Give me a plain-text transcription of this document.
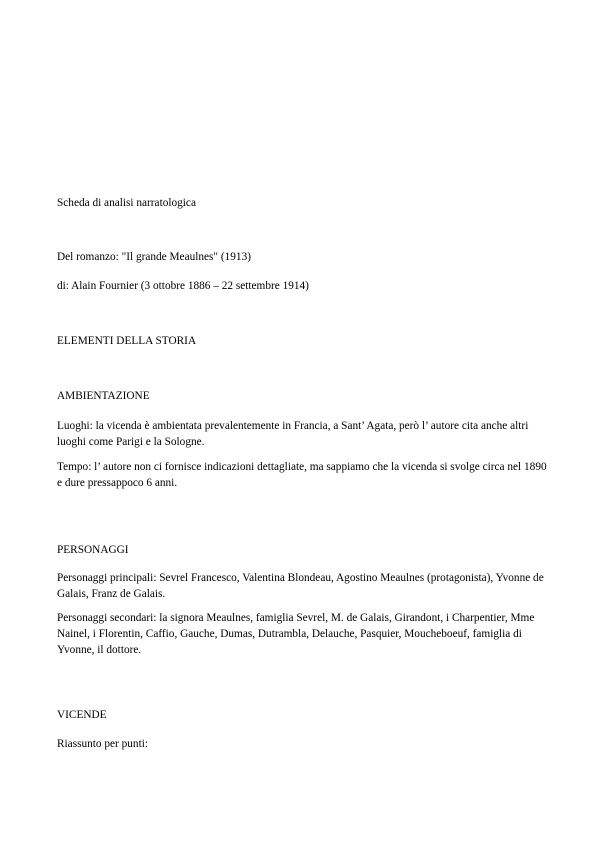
Scheda di analisi narratologica
Del romanzo: "Il grande Meaulnes" (1913)
di: Alain Fournier (3 ottobre 1886 – 22 settembre 1914)
ELEMENTI DELLA STORIA
AMBIENTAZIONE
Luoghi: la vicenda è ambientata prevalentemente in Francia, a Sant’ Agata, però l’ autore cita anche altri luoghi come Parigi e la Sologne.
Tempo: l’ autore non ci fornisce indicazioni dettagliate, ma sappiamo che la vicenda si svolge circa nel 1890 e dure pressappoco 6 anni.
PERSONAGGI
Personaggi principali: Sevrel Francesco, Valentina Blondeau, Agostino Meaulnes (protagonista), Yvonne de Galais, Franz de Galais.
Personaggi secondari: la signora Meaulnes, famiglia Sevrel, M. de Galais, Girandont, i Charpentier, Mme Nainel, i Florentin, Caffio, Gauche, Dumas, Dutrambla, Delauche, Pasquier, Moucheboeuf, famiglia di Yvonne, il dottore.
VICENDE
Riassunto per punti:
